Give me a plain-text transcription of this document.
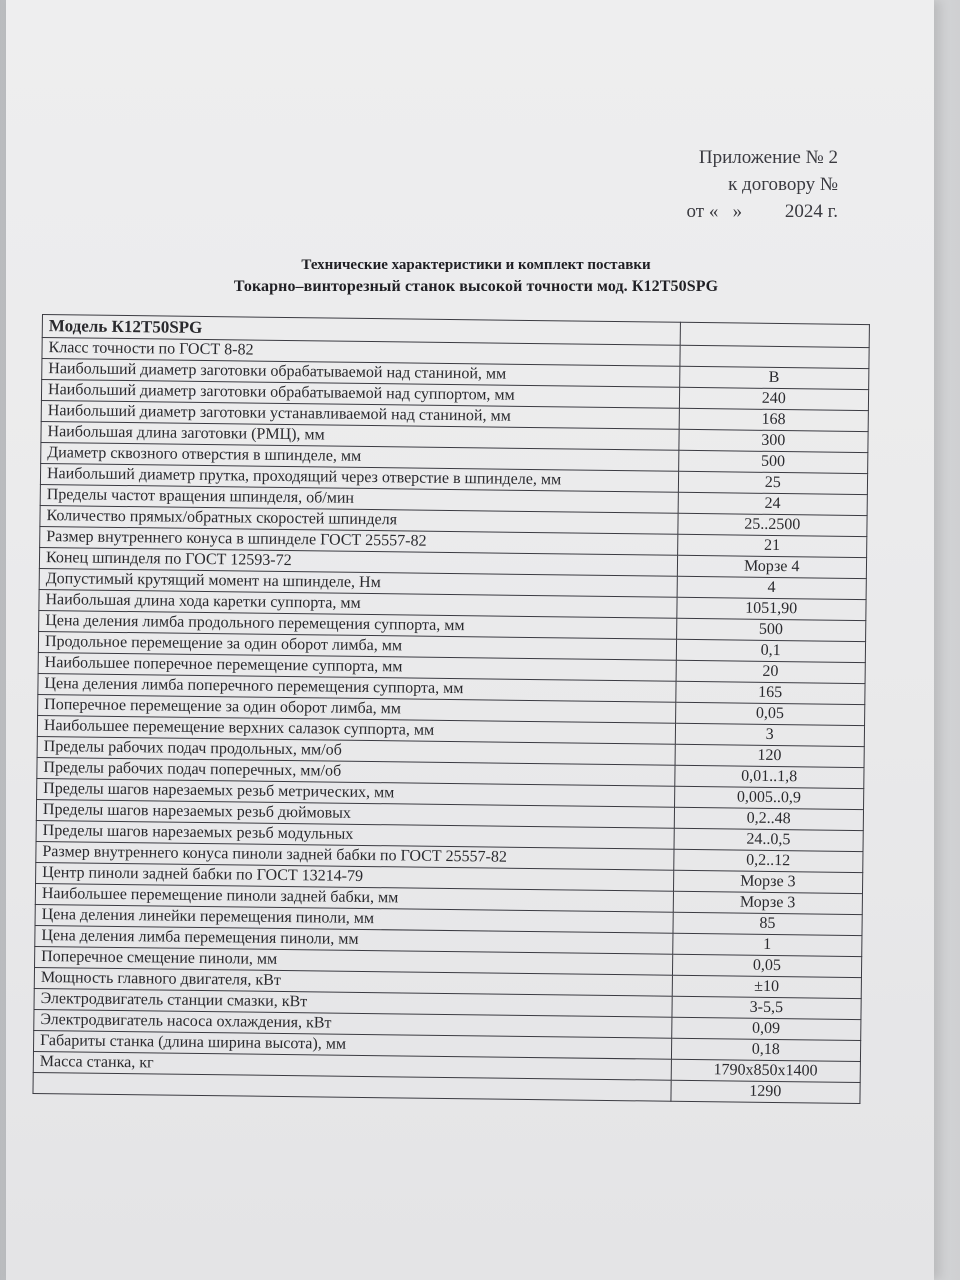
Приложение № 2
к договору №
от «   »         2024 г.
Технические характеристики и комплект поставки
Токарно–винторезный станок высокой точности мод. К12Т50SPG
Модель К12Т50SPG	
Класс точности по ГОСТ 8-82	
Наибольший диаметр заготовки обрабатываемой над станиной, мм	В
Наибольший диаметр заготовки обрабатываемой над суппортом, мм	240
Наибольший диаметр заготовки устанавливаемой над станиной, мм	168
Наибольшая длина заготовки (РМЦ), мм	300
Диаметр сквозного отверстия в шпинделе, мм	500
Наибольший диаметр прутка, проходящий через отверстие в шпинделе, мм	25
Пределы частот вращения шпинделя, об/мин	24
Количество прямых/обратных скоростей шпинделя	25..2500
Размер внутреннего конуса в шпинделе ГОСТ 25557-82	21
Конец шпинделя по ГОСТ 12593-72	Морзе 4
Допустимый крутящий момент на шпинделе, Нм	4
Наибольшая длина хода каретки суппорта, мм	1051,90
Цена деления лимба продольного перемещения суппорта, мм	500
Продольное перемещение за один оборот лимба, мм	0,1
Наибольшее поперечное перемещение суппорта, мм	20
Цена деления лимба поперечного перемещения суппорта, мм	165
Поперечное перемещение за один оборот лимба, мм	0,05
Наибольшее перемещение верхних салазок суппорта, мм	3
Пределы рабочих подач продольных, мм/об	120
Пределы рабочих подач поперечных, мм/об	0,01..1,8
Пределы шагов нарезаемых резьб метрических, мм	0,005..0,9
Пределы шагов нарезаемых резьб дюймовых	0,2..48
Пределы шагов нарезаемых резьб модульных	24..0,5
Размер внутреннего конуса пиноли задней бабки по ГОСТ 25557-82	0,2..12
Центр пиноли задней бабки по ГОСТ 13214-79	Морзе 3
Наибольшее перемещение пиноли задней бабки, мм	Морзе 3
Цена деления линейки перемещения пиноли, мм	85
Цена деления лимба перемещения пиноли, мм	1
Поперечное смещение пиноли, мм	0,05
Мощность главного двигателя, кВт	±10
Электродвигатель станции смазки, кВт	3-5,5
Электродвигатель насоса охлаждения, кВт	0,09
Габариты станка (длина ширина высота), мм	0,18
Масса станка, кг	1790х850х1400
	1290
